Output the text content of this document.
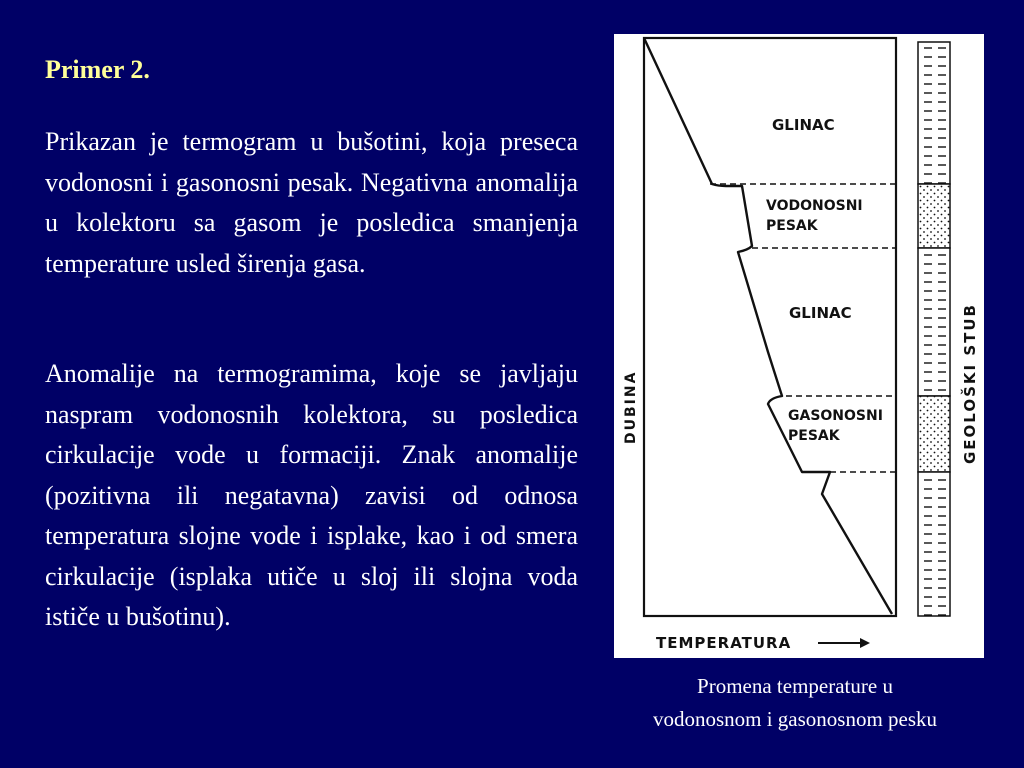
Primer 2.

Prikazan je termogram u bušotini, koja preseca vodonosni i gasonosni pesak. Negativna anomalija u kolektoru sa gasom je posledica smanjenja temperature usled širenja gasa.

Anomalije na termogramima, koje se javljaju naspram vodonosnih kolektora, su posledica cirkulacije vode u formaciji. Znak anomalije (pozitivna ili negatavna) zavisi od odnosa temperatura slojne vode i isplake, kao i od smera cirkulacije (isplaka utiče u sloj ili slojna voda ističe u bušotinu).

GLINAC
VODONOSNI
PESAK
GLINAC
GASONOSNI
PESAK
DUBINA	GEOLOŠKI STUB
TEMPERATURA

Promena temperature u
vodonosnom i gasonosnom pesku
